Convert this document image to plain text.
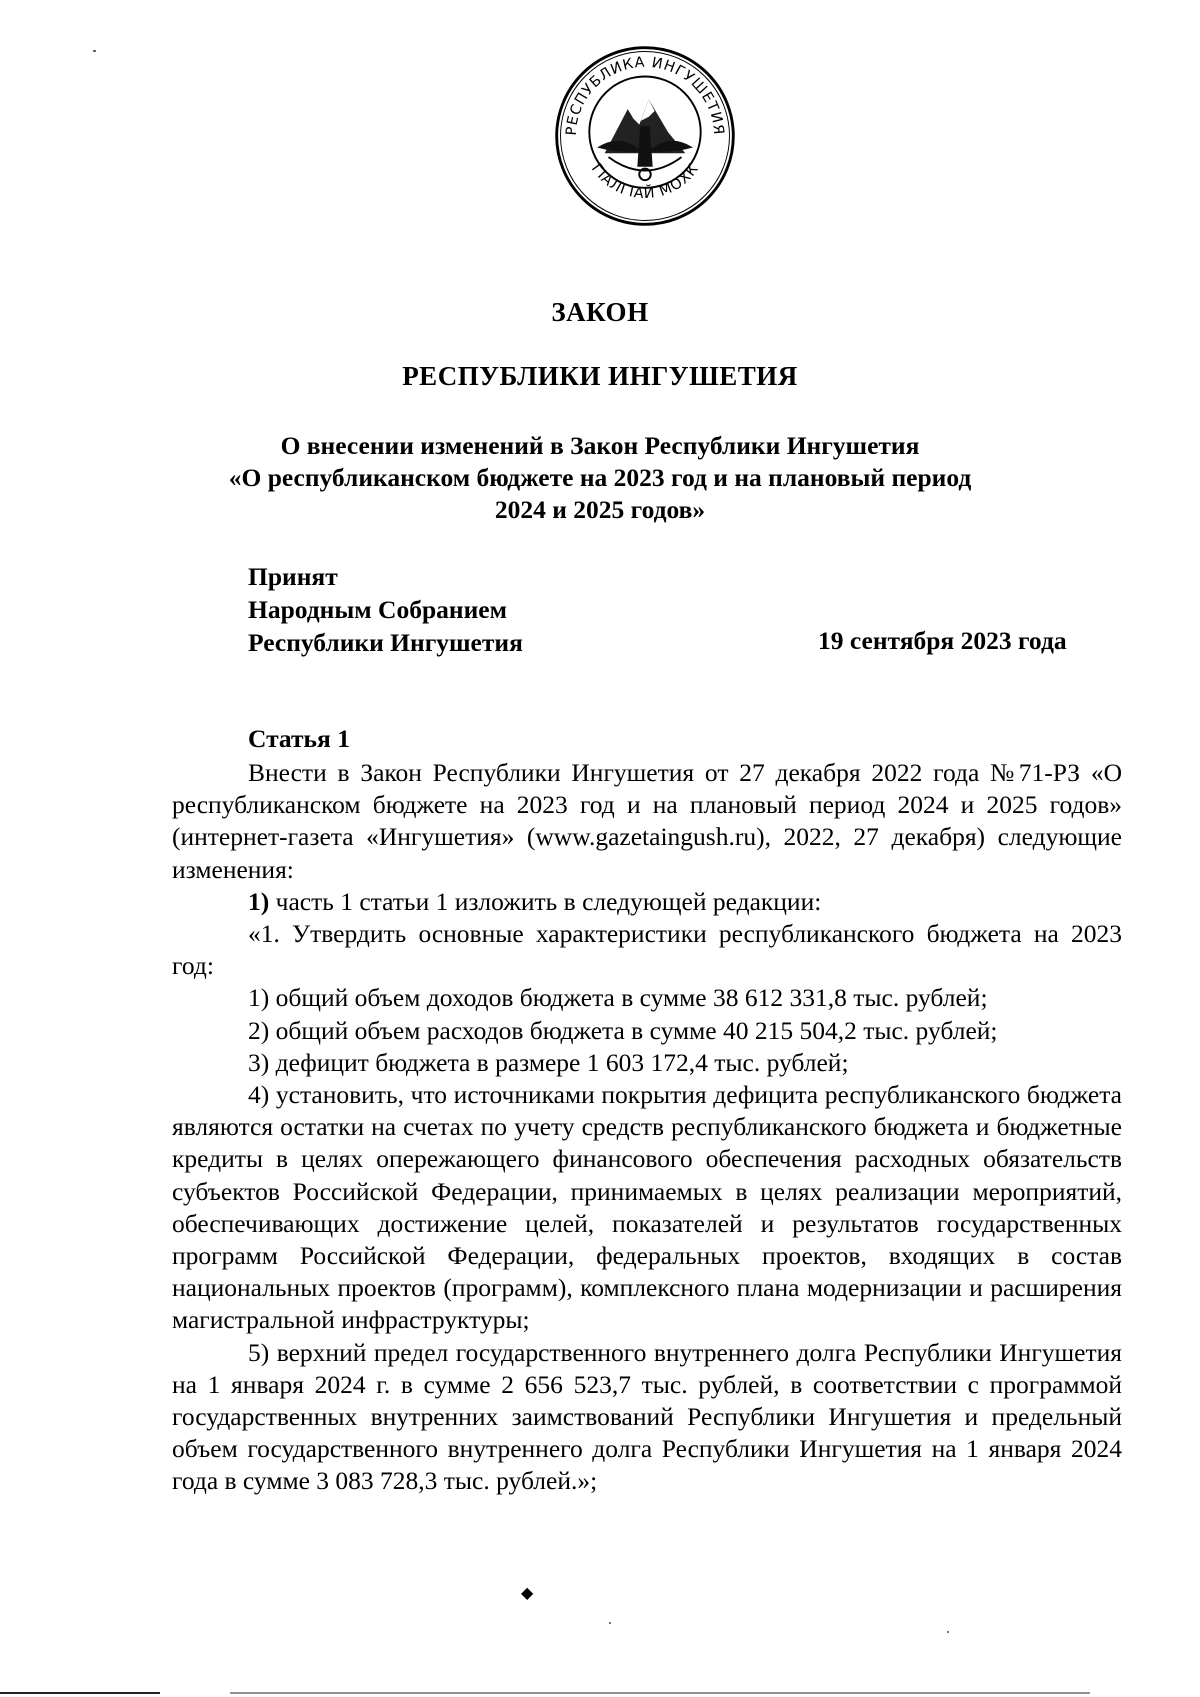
РЕСПУБЛИКА ИНГУШЕТИЯ
ГIАЛГIАЙ МОХК
ЗАКОН
РЕСПУБЛИКИ ИНГУШЕТИЯ
О внесении изменений в Закон Республики Ингушетия
«О республиканском бюджете на 2023 год и на плановый период
2024 и 2025 годов»
Принят
Народным Собранием
Республики Ингушетия	19 сентября 2023 года
Статья 1

Внести в Закон Республики Ингушетия от 27 декабря 2022 года №71-РЗ «О республиканском бюджете на 2023 год и на плановый период 2024 и 2025 годов» (интернет-газета «Ингушетия» (www.gazetaingush.ru), 2022, 27 декабря) следующие изменения:

1) часть 1 статьи 1 изложить в следующей редакции:

«1. Утвердить основные характеристики республиканского бюджета на 2023 год:

1) общий объем доходов бюджета в сумме 38 612 331,8 тыс. рублей;

2) общий объем расходов бюджета в сумме 40 215 504,2 тыс. рублей;

3) дефицит бюджета в размере 1 603 172,4 тыс. рублей;

4) установить, что источниками покрытия дефицита республиканского бюджета являются остатки на счетах по учету средств республиканского бюджета и бюджетные кредиты в целях опережающего финансового обеспечения расходных обязательств субъектов Российской Федерации, принимаемых в целях реализации мероприятий, обеспечивающих достижение целей, показателей и результатов государственных программ Российской Федерации, федеральных проектов, входящих в состав национальных проектов (программ), комплексного плана модернизации и расширения магистральной инфраструктуры;

5) верхний предел государственного внутреннего долга Республики Ингушетия на 1 января 2024 г. в сумме 2 656 523,7 тыс. рублей, в соответствии с программой государственных внутренних заимствований Республики Ингушетия и предельный объем государственного внутреннего долга Республики Ингушетия на 1 января 2024 года в сумме 3 083 728,3 тыс. рублей.»;

◆
